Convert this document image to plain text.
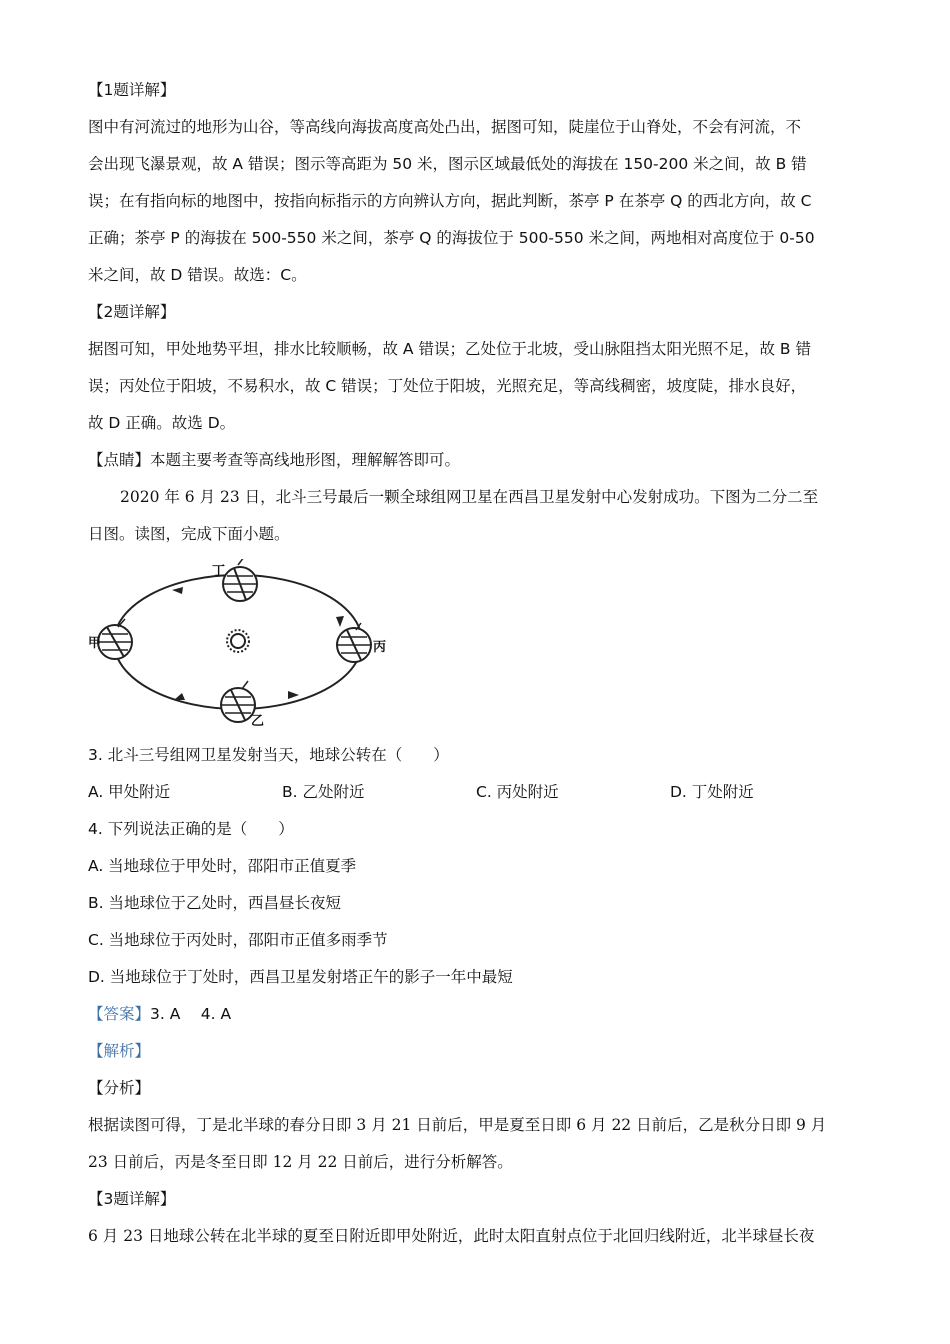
【1题详解】
图中有河流过的地形为山谷，等高线向海拔高度高处凸出，据图可知，陡崖位于山脊处，不会有河流，不
会出现飞瀑景观，故 A 错误；图示等高距为 50 米，图示区域最低处的海拔在 150-200 米之间，故 B 错
误；在有指向标的地图中，按指向标指示的方向辨认方向，据此判断，茶亭 P 在茶亭 Q 的西北方向，故 C
正确；茶亭 P 的海拔在 500-550 米之间，茶亭 Q 的海拔位于 500-550 米之间，两地相对高度位于 0-50
米之间，故 D 错误。故选：C。
【2题详解】
据图可知，甲处地势平坦，排水比较顺畅，故 A 错误；乙处位于北坡，受山脉阻挡太阳光照不足，故 B 错
误；丙处位于阳坡，不易积水，故 C 错误；丁处位于阳坡，光照充足，等高线稠密，坡度陡，排水良好，
故 D 正确。故选 D。
【点睛】本题主要考查等高线地形图，理解解答即可。
2020 年 6 月 23 日，北斗三号最后一颗全球组网卫星在西昌卫星发射中心发射成功。下图为二分二至
日图。读图，完成下面小题。
甲
丁
丙
乙
3. 北斗三号组网卫星发射当天，地球公转在（　　）
A. 甲处附近	B. 乙处附近	C. 丙处附近	D. 丁处附近
4. 下列说法正确的是（　　）
A. 当地球位于甲处时，邵阳市正值夏季
B. 当地球位于乙处时，西昌昼长夜短
C. 当地球位于丙处时，邵阳市正值多雨季节
D. 当地球位于丁处时，西昌卫星发射塔正午的影子一年中最短
【答案】3. A　 4. A
【解析】
【分析】
根据读图可得，丁是北半球的春分日即 3 月 21 日前后，甲是夏至日即 6 月 22 日前后，乙是秋分日即 9 月
23 日前后，丙是冬至日即 12 月 22 日前后，进行分析解答。
【3题详解】
6 月 23 日地球公转在北半球的夏至日附近即甲处附近，此时太阳直射点位于北回归线附近，北半球昼长夜
